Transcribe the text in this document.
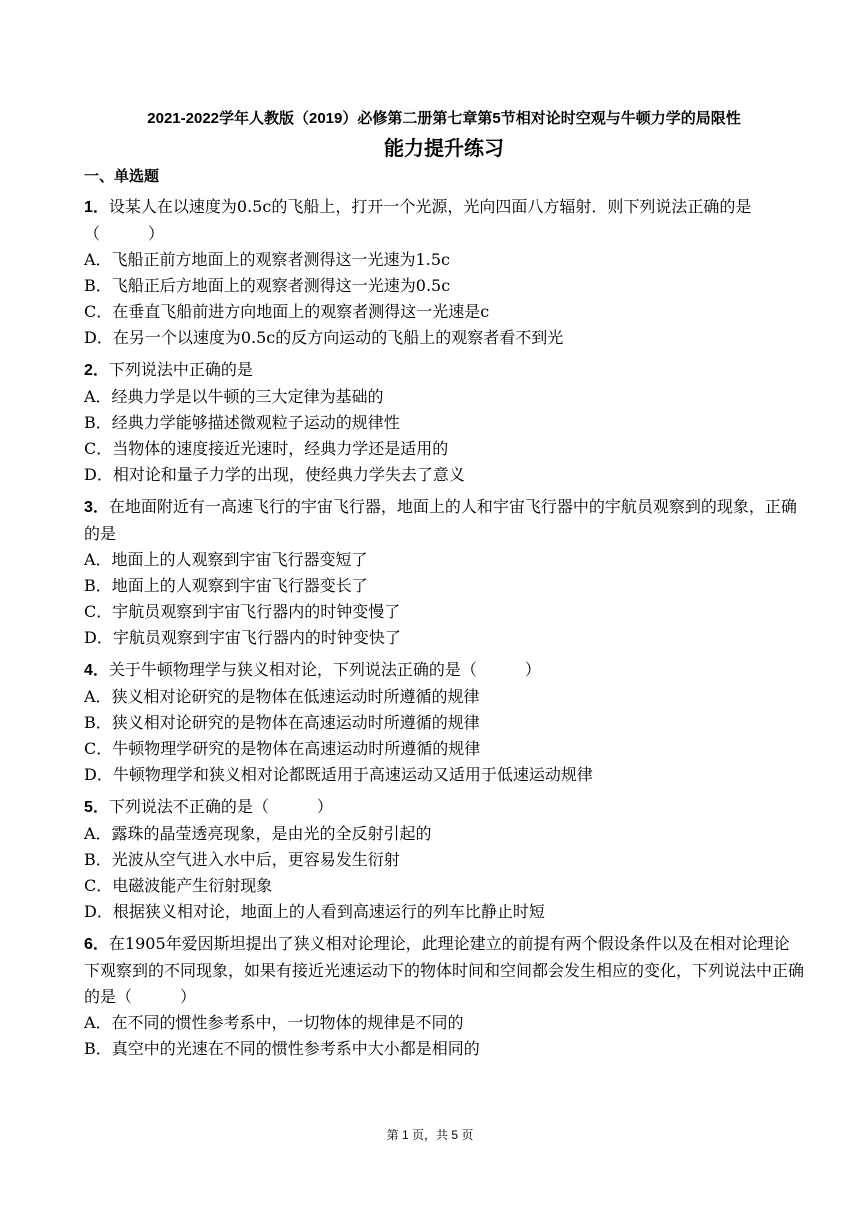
2021-2022学年人教版（2019）必修第二册第七章第5节相对论时空观与牛顿力学的局限性
能力提升练习
一、单选题
1．设某人在以速度为0.5c的飞船上，打开一个光源，光向四面八方辐射．则下列说法正确的是（　　　）
A．飞船正前方地面上的观察者测得这一光速为1.5c
B．飞船正后方地面上的观察者测得这一光速为0.5c
C．在垂直飞船前进方向地面上的观察者测得这一光速是c
D．在另一个以速度为0.5c的反方向运动的飞船上的观察者看不到光
2．下列说法中正确的是
A．经典力学是以牛顿的三大定律为基础的
B．经典力学能够描述微观粒子运动的规律性
C．当物体的速度接近光速时，经典力学还是适用的
D．相对论和量子力学的出现，使经典力学失去了意义
3．在地面附近有一高速飞行的宇宙飞行器，地面上的人和宇宙飞行器中的宇航员观察到的现象，正确的是
A．地面上的人观察到宇宙飞行器变短了
B．地面上的人观察到宇宙飞行器变长了
C．宇航员观察到宇宙飞行器内的时钟变慢了
D．宇航员观察到宇宙飞行器内的时钟变快了
4．关于牛顿物理学与狭义相对论，下列说法正确的是（　　　）
A．狭义相对论研究的是物体在低速运动时所遵循的规律
B．狭义相对论研究的是物体在高速运动时所遵循的规律
C．牛顿物理学研究的是物体在高速运动时所遵循的规律
D．牛顿物理学和狭义相对论都既适用于高速运动又适用于低速运动规律
5．下列说法不正确的是（　　　）
A．露珠的晶莹透亮现象，是由光的全反射引起的
B．光波从空气进入水中后，更容易发生衍射
C．电磁波能产生衍射现象
D．根据狭义相对论，地面上的人看到高速运行的列车比静止时短
6．在1905年爱因斯坦提出了狭义相对论理论，此理论建立的前提有两个假设条件以及在相对论理论下观察到的不同现象，如果有接近光速运动下的物体时间和空间都会发生相应的变化，下列说法中正确的是（　　　）
A．在不同的惯性参考系中，一切物体的规律是不同的
B．真空中的光速在不同的惯性参考系中大小都是相同的
第 1 页，共 5 页
